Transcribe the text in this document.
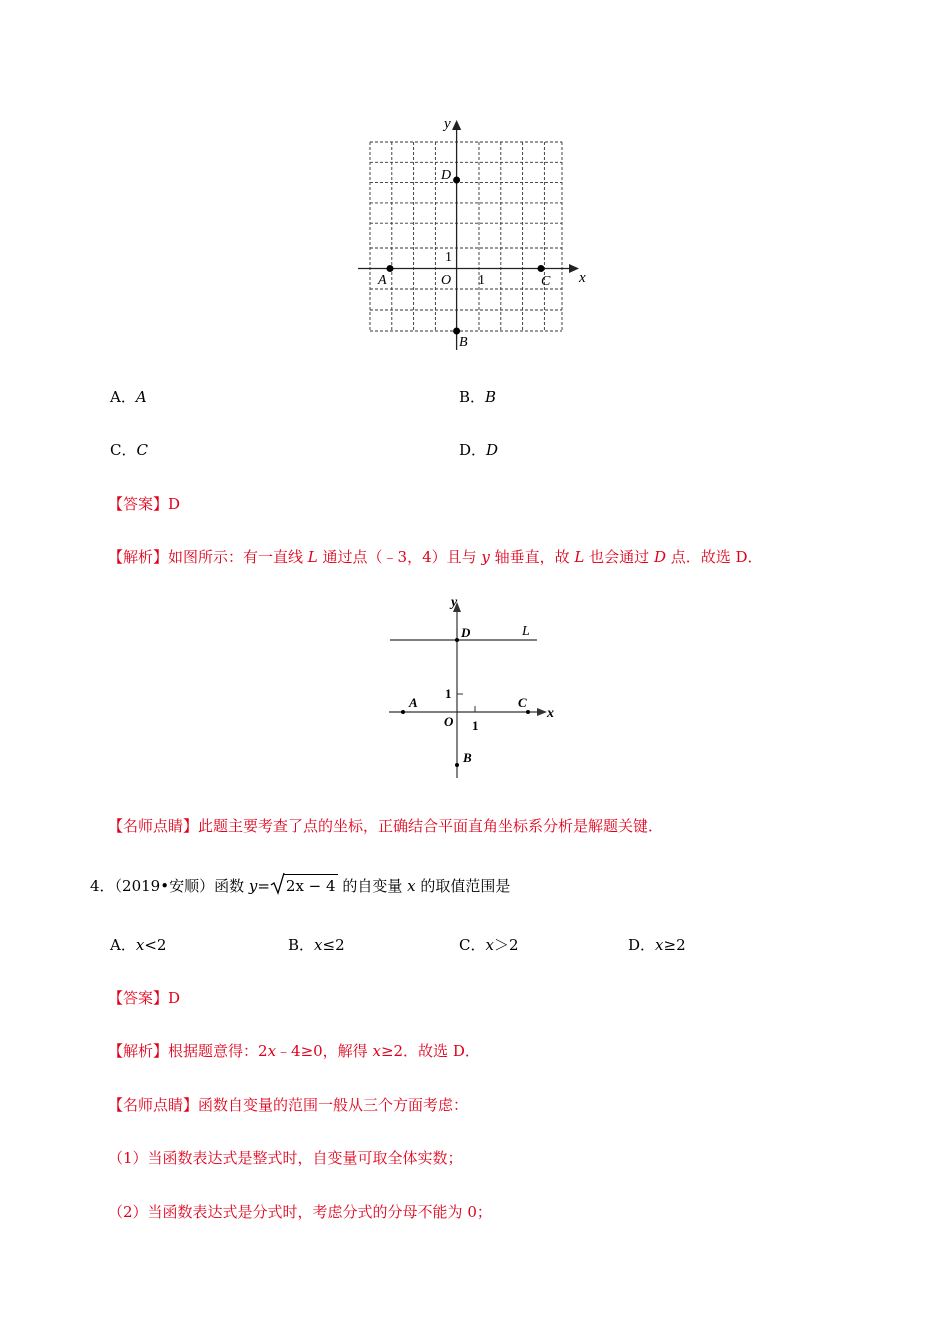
y
x
O 1
1
A	C
D
B
A．A	B．B
C．C	D．D
【答案】D
【解析】如图所示：有一直线 L 通过点（﹣3，4）且与 y 轴垂直，故 L 也会通过 D 点．故选 D．
y
x
O 1
1
A	C
D
B
L
【名师点睛】此题主要考查了点的坐标，正确结合平面直角坐标系分析是解题关键．
4．（2019•安顺）函数 y= 2x − 4 的自变量 x 的取值范围是
A．x<2	B．x≤2	C．x＞2	D．x≥2
【答案】D
【解析】根据题意得：2x﹣4≥0，解得 x≥2．故选 D．
【名师点睛】函数自变量的范围一般从三个方面考虑：
（1）当函数表达式是整式时，自变量可取全体实数；
（2）当函数表达式是分式时，考虑分式的分母不能为 0；
